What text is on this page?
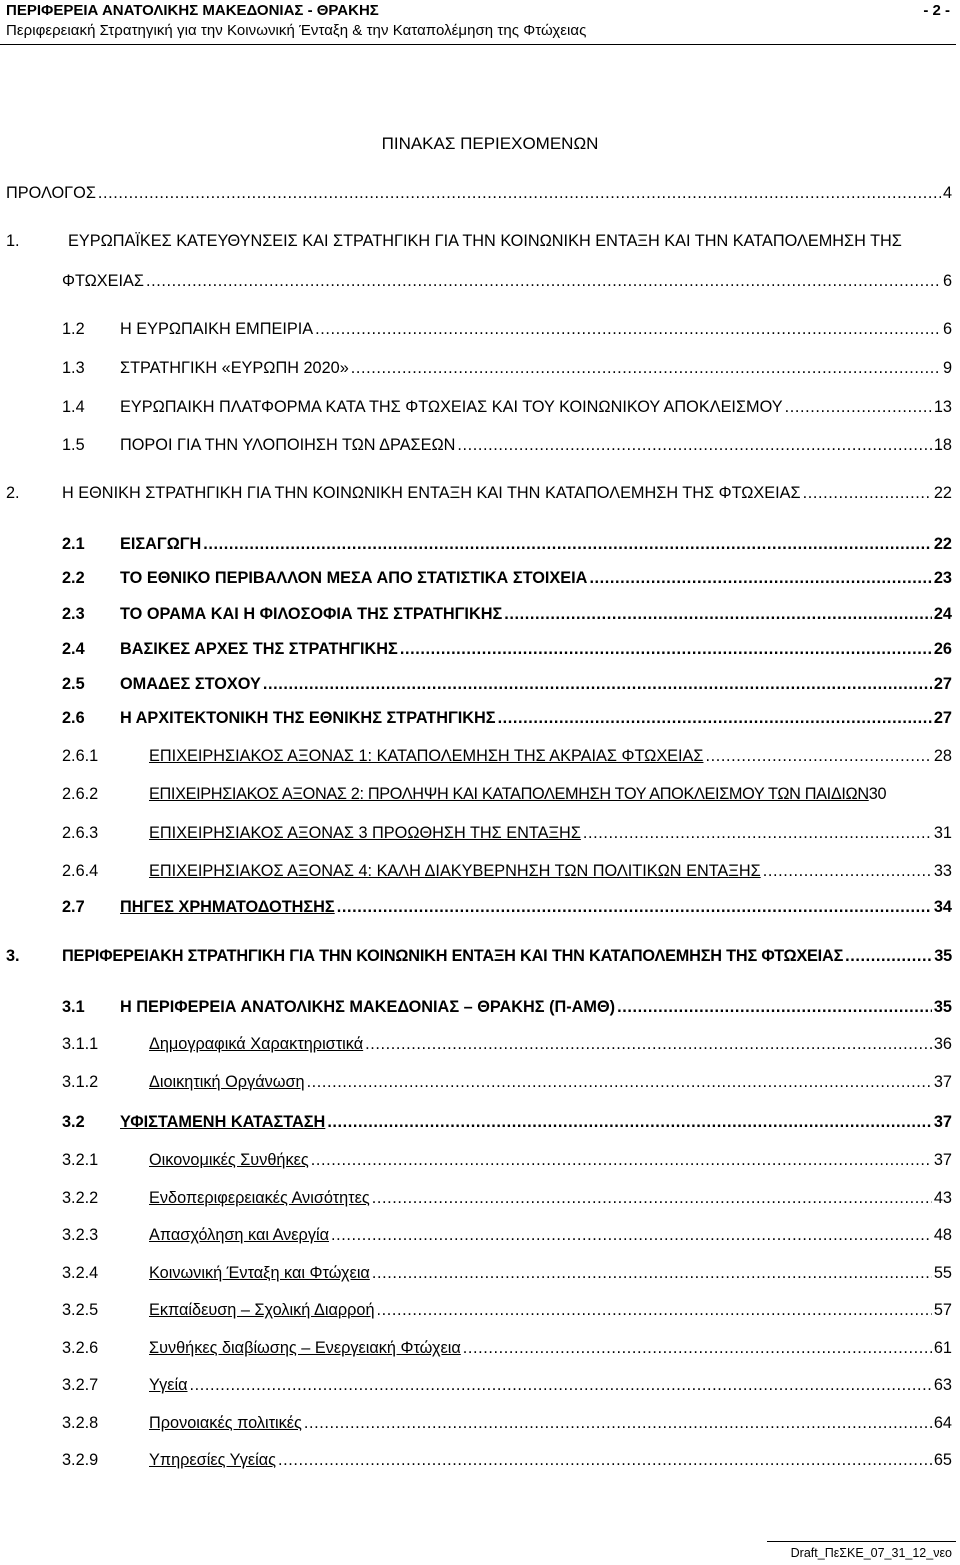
ΠΕΡΙΦΕΡΕΙΑ ΑΝΑΤΟΛΙΚΗΣ ΜΑΚΕΔΟΝΙΑΣ - ΘΡΑΚΗΣ	- 2 -
Περιφερειακή Στρατηγική για την Κοινωνική Ένταξη & την Καταπολέμηση της Φτώχειας
ΠΙΝΑΚΑΣ ΠΕΡΙΕΧΟΜΕΝΩΝ
ΠΡΟΛΟΓΟΣ .....	4
1.	ΕΥΡΩΠΑΪΚΕΣ ΚΑΤΕΥΘΥΝΣΕΙΣ ΚΑΙ ΣΤΡΑΤΗΓΙΚΗ ΓΙΑ ΤΗΝ ΚΟΙΝΩΝΙΚΗ ΕΝΤΑΞΗ ΚΑΙ ΤΗΝ ΚΑΤΑΠΟΛΕΜΗΣΗ ΤΗΣ
ΦΤΩΧΕΙΑΣ .....	6
1.2	Η ΕΥΡΩΠΑΙΚΗ ΕΜΠΕΙΡΙΑ .....	6
1.3	ΣΤΡΑΤΗΓΙΚΗ «ΕΥΡΩΠΗ 2020» .....	9
1.4	ΕΥΡΩΠΑΙΚΗ ΠΛΑΤΦΟΡΜΑ ΚΑΤΑ ΤΗΣ ΦΤΩΧΕΙΑΣ ΚΑΙ ΤΟΥ ΚΟΙΝΩΝΙΚΟΥ ΑΠΟΚΛΕΙΣΜΟΥ .....	13
1.5	ΠΟΡΟΙ ΓΙΑ ΤΗΝ ΥΛΟΠΟΙΗΣΗ ΤΩΝ ΔΡΑΣΕΩΝ .....	18
2.	Η ΕΘΝΙΚΗ ΣΤΡΑΤΗΓΙΚΗ ΓΙΑ ΤΗΝ ΚΟΙΝΩΝΙΚΗ ΕΝΤΑΞΗ ΚΑΙ ΤΗΝ ΚΑΤΑΠΟΛΕΜΗΣΗ ΤΗΣ ΦΤΩΧΕΙΑΣ .....	22
2.1	ΕΙΣΑΓΩΓΗ .....	22
2.2	ΤΟ ΕΘΝΙΚΟ ΠΕΡΙΒΑΛΛΟΝ ΜΕΣΑ ΑΠΟ ΣΤΑΤΙΣΤΙΚΑ ΣΤΟΙΧΕΙΑ .....	23
2.3	ΤΟ ΟΡΑΜΑ ΚΑΙ Η ΦΙΛΟΣΟΦΙΑ ΤΗΣ ΣΤΡΑΤΗΓΙΚΗΣ .....	24
2.4	ΒΑΣΙΚΕΣ ΑΡΧΕΣ ΤΗΣ ΣΤΡΑΤΗΓΙΚΗΣ .....	26
2.5	ΟΜΑΔΕΣ ΣΤΟΧΟΥ .....	27
2.6	Η ΑΡΧΙΤΕΚΤΟΝΙΚΗ ΤΗΣ ΕΘΝΙΚΗΣ ΣΤΡΑΤΗΓΙΚΗΣ .....	27
2.6.1	ΕΠΙΧΕΙΡΗΣΙΑΚΟΣ ΑΞΟΝΑΣ 1: ΚΑΤΑΠΟΛΕΜΗΣΗ ΤΗΣ ΑΚΡΑΙΑΣ ΦΤΩΧΕΙΑΣ .....	28
2.6.2	ΕΠΙΧΕΙΡΗΣΙΑΚΟΣ ΑΞΟΝΑΣ 2: ΠΡΟΛΗΨΗ ΚΑΙ ΚΑΤΑΠΟΛΕΜΗΣΗ ΤΟΥ ΑΠΟΚΛΕΙΣΜΟΥ ΤΩΝ ΠΑΙΔΙΩΝ 30
2.6.3	ΕΠΙΧΕΙΡΗΣΙΑΚΟΣ ΑΞΟΝΑΣ 3 ΠΡΟΩΘΗΣΗ ΤΗΣ ΕΝΤΑΞΗΣ .....	31
2.6.4	ΕΠΙΧΕΙΡΗΣΙΑΚΟΣ ΑΞΟΝΑΣ 4: ΚΑΛΗ ΔΙΑΚΥΒΕΡΝΗΣΗ ΤΩΝ ΠΟΛΙΤΙΚΩΝ ΕΝΤΑΞΗΣ .....	33
2.7	ΠΗΓΕΣ ΧΡΗΜΑΤΟΔΟΤΗΣΗΣ .....	34
3.	ΠΕΡΙΦΕΡΕΙΑΚΗ ΣΤΡΑΤΗΓΙΚΗ ΓΙΑ ΤΗΝ ΚΟΙΝΩΝΙΚΗ ΕΝΤΑΞΗ ΚΑΙ ΤΗΝ ΚΑΤΑΠΟΛΕΜΗΣΗ ΤΗΣ ΦΤΩΧΕΙΑΣ .....	35
3.1	Η ΠΕΡΙΦΕΡΕΙΑ ΑΝΑΤΟΛΙΚΗΣ ΜΑΚΕΔΟΝΙΑΣ – ΘΡΑΚΗΣ (Π-ΑΜΘ) .....	35
3.1.1	Δημογραφικά Χαρακτηριστικά .....	36
3.1.2	Διοικητική Οργάνωση .....	37
3.2	ΥΦΙΣΤΑΜΕΝΗ ΚΑΤΑΣΤΑΣΗ .....	37
3.2.1	Οικονομικές Συνθήκες .....	37
3.2.2	Ενδοπεριφερειακές Ανισότητες .....	43
3.2.3	Απασχόληση και Ανεργία .....	48
3.2.4	Κοινωνική Ένταξη και Φτώχεια .....	55
3.2.5	Εκπαίδευση – Σχολική Διαρροή .....	57
3.2.6	Συνθήκες διαβίωσης – Ενεργειακή Φτώχεια .....	61
3.2.7	Υγεία .....	63
3.2.8	Προνοιακές πολιτικές .....	64
3.2.9	Υπηρεσίες Υγείας .....	65
Draft_ΠεΣΚΕ_07_31_12_νεο
